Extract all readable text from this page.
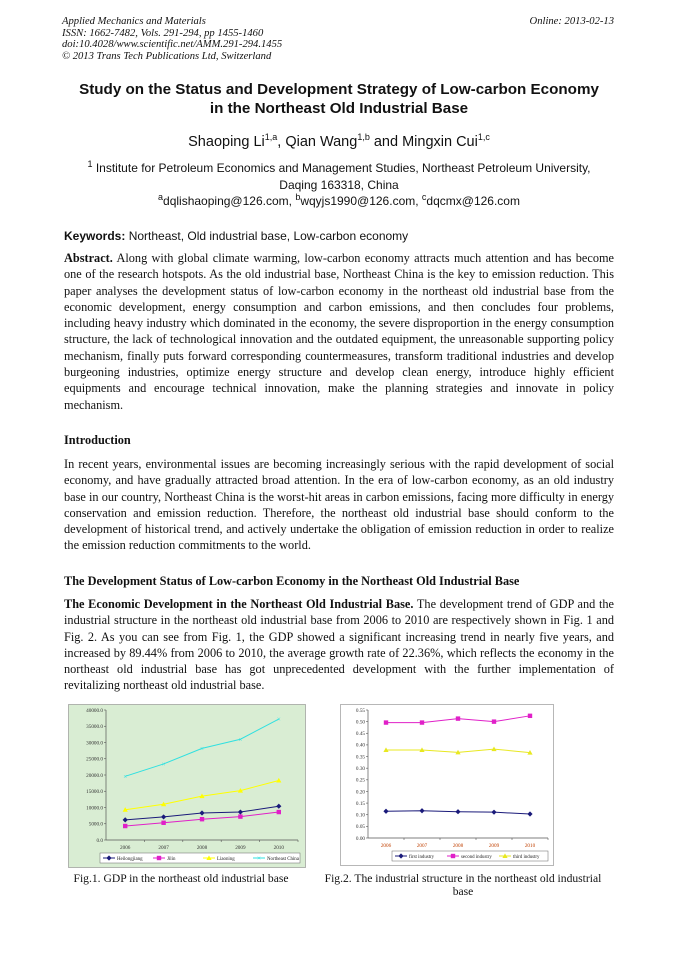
Applied Mechanics and Materials
ISSN: 1662-7482, Vols. 291-294, pp 1455-1460
doi:10.4028/www.scientific.net/AMM.291-294.1455
© 2013 Trans Tech Publications Ltd, Switzerland
Online: 2013-02-13
Study on the Status and Development Strategy of Low-carbon Economy
in the Northeast Old Industrial Base
Shaoping Li$^{1,a}$, Qian Wang$^{1,b}$ and Mingxin Cui$^{1,c}$
$^1$ Institute for Petroleum Economics and Management Studies, Northeast Petroleum University,
Daqing 163318, China
$^a$dqlishaoping@126.com, $^b$wqyjs1990@126.com, $^c$dqcmx@126.com
Keywords: Northeast, Old industrial base, Low-carbon economy
Abstract. Along with global climate warming, low-carbon economy attracts much attention and has become one of the research hotspots. As the old industrial base, Northeast China is the key to emission reduction. This paper analyses the development status of low-carbon economy in the northeast old industrial base from the economic development, energy consumption and carbon emissions, and then concludes four problems, including heavy industry which dominated in the economy, the severe disproportion in the energy consumption structure, the lack of technological innovation and the outdated equipment, the unreasonable supporting policy mechanism, finally puts forward corresponding countermeasures, transform traditional industries and develop burgeoning industries, optimize energy structure and develop clean energy, introduce highly efficient equipments and encourage technical innovation, make the planning strategies and innovate in policy mechanism.
Introduction
In recent years, environmental issues are becoming increasingly serious with the rapid development of social economy, and have gradually attracted broad attention. In the era of low-carbon economy, as an old industry base in our country, Northeast China is the worst-hit areas in carbon emissions, facing more difficulty in energy conservation and emission reduction. Therefore, the northeast old industrial base should conform to the development of historical trend, and actively undertake the obligation of emission reduction in order to realize the emission reduction commitments to the world.
The Development Status of Low-carbon Economy in the Northeast Old Industrial Base
The Economic Development in the Northeast Old Industrial Base. The development trend of GDP and the industrial structure in the northeast old industrial base from 2006 to 2010 are respectively shown in Fig. 1 and Fig. 2. As you can see from Fig. 1, the GDP showed a significant increasing trend in nearly five years, and increased by 89.44% from 2006 to 2010, the average growth rate of 22.36%, which reflects the economy in the northeast old industrial base has got unprecedented development with the further implementation of revitalizing northeast old industrial base.
0.0
5000.0
10000.0
15000.0
20000.0
25000.0
30000.0
35000.0
40000.0
2006	2007	2008	2009	2010
×
×
×
×
×
Heilongjiang	Jilin	Liaoning	× Northeast China
Fig.1. GDP in the northeast old industrial base
0.00
0.05
0.10
0.15
0.20
0.25
0.30
0.35
0.40
0.45
0.50
0.55
2006	2007	2008	2009	2010
first industry	second industry	third industry
Fig.2. The industrial structure in the northeast old industrial
base
